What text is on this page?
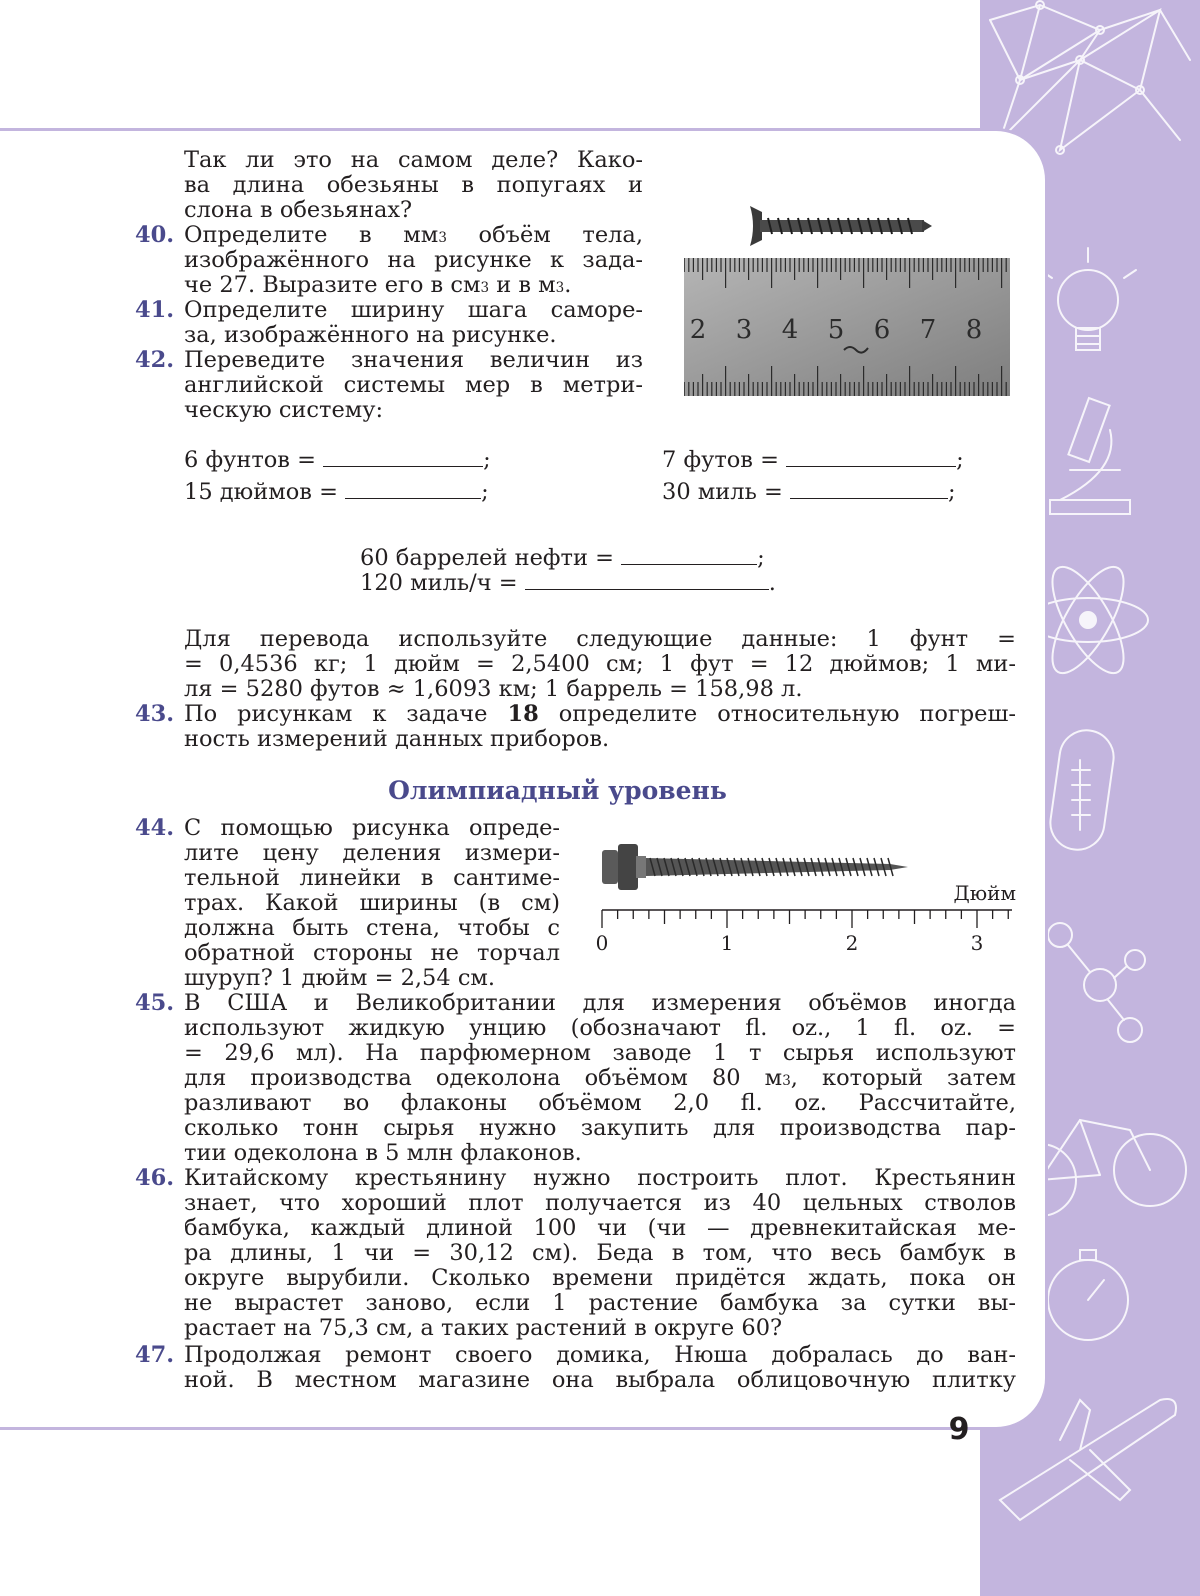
9
Так ли это на самом деле? Како-
ва длина обезьяны в попугаях и
слона в обезьянах?
40. Определите в $мм^3$ объём тела,
изображённого на рисунке к зада-
че 27. Выразите его в $см^3$ и в $м^3$.
41. Определите ширину шага саморе-
за, изображённого на рисунке.
42. Переведите значения величин из
английской системы мер в метри-
ческую систему:
2 3 4 5 6 7 8
6 фунтов =	;	7 футов =	;
15 дюймов =	;	30 миль =	;
60 баррелей нефти =	;
120 миль/ч =	.
Для перевода используйте следующие данные: 1 фунт =
= 0,4536 кг; 1 дюйм = 2,5400 см; 1 фут = 12 дюймов; 1 ми-
ля = 5280 футов ≈ 1,6093 км; 1 баррель = 158,98 л.
43. По рисункам к задаче 18 определите относительную погреш-
ность измерений данных приборов.
Олимпиадный уровень
44. С помощью рисунка опреде-
лите цену деления измери-
тельной линейки в сантиме-
трах. Какой ширины (в см)
должна быть стена, чтобы с
обратной стороны не торчал
шуруп? 1 дюйм = 2,54 см.
Дюйм
0	1	2	3
45. В США и Великобритании для измерения объёмов иногда
используют жидкую унцию (обозначают fl. oz., 1 fl. oz. =
= 29,6 мл). На парфюмерном заводе 1 т сырья используют
для производства одеколона объёмом 80 $м^3$, который затем
разливают во флаконы объёмом 2,0 fl. oz. Рассчитайте,
сколько тонн сырья нужно закупить для производства пар-
тии одеколона в 5 млн флаконов.
46. Китайскому крестьянину нужно построить плот. Крестьянин
знает, что хороший плот получается из 40 цельных стволов
бамбука, каждый длиной 100 чи (чи — древнекитайская ме-
ра длины, 1 чи = 30,12 см). Беда в том, что весь бамбук в
округе вырубили. Сколько времени придётся ждать, пока он
не вырастет заново, если 1 растение бамбука за сутки вы-
растает на 75,3 см, а таких растений в округе 60?
47. Продолжая ремонт своего домика, Нюша добралась до ван-
ной. В местном магазине она выбрала облицовочную плитку
